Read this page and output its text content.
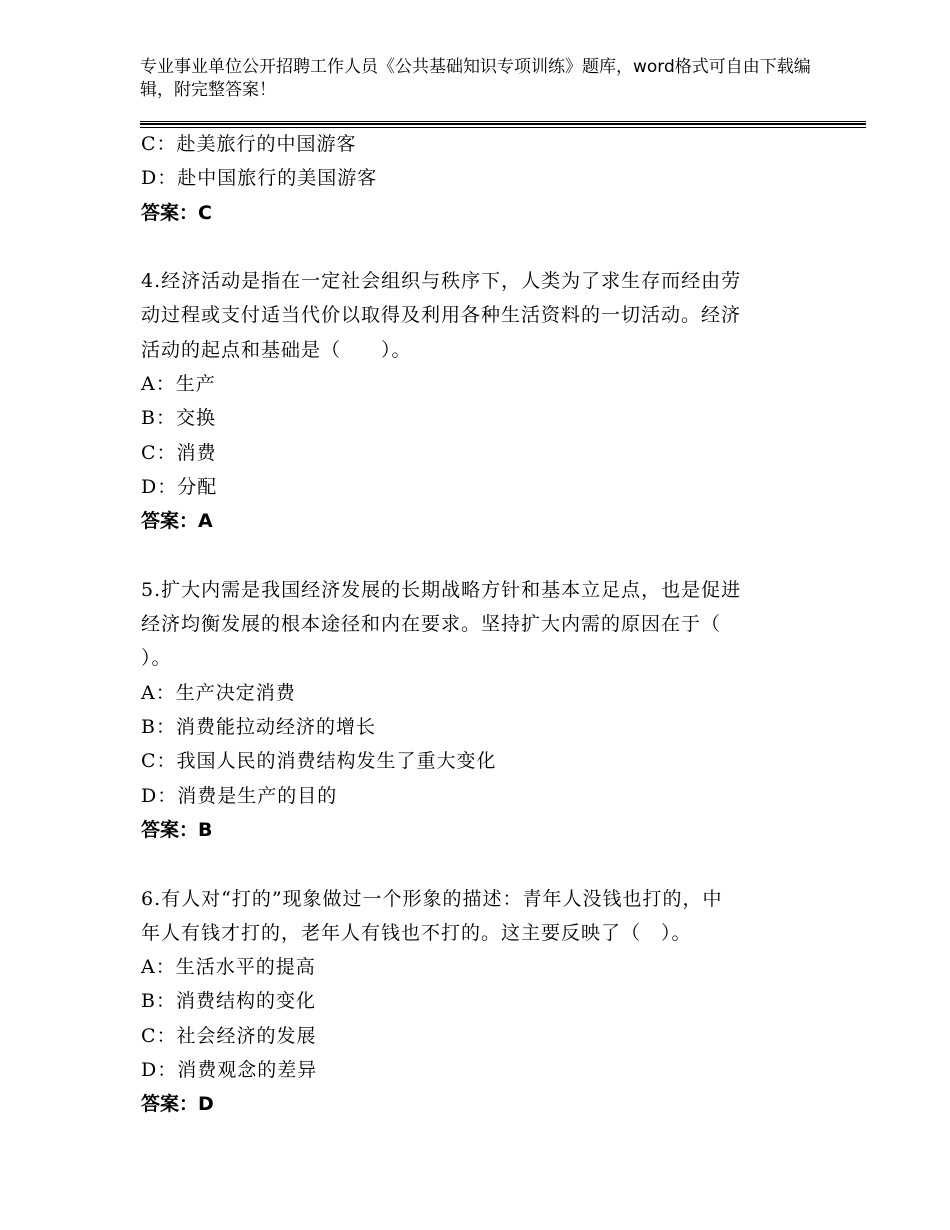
专业事业单位公开招聘工作人员《公共基础知识专项训练》题库，word格式可自由下载编辑，附完整答案！

C：赴美旅行的中国游客

D：赴中国旅行的美国游客

答案：C

4.经济活动是指在一定社会组织与秩序下，人类为了求生存而经由劳

动过程或支付适当代价以取得及利用各种生活资料的一切活动。经济

活动的起点和基础是（　　）。

A：生产

B：交换

C：消费

D：分配

答案：A

5.扩大内需是我国经济发展的长期战略方针和基本立足点，也是促进

经济均衡发展的根本途径和内在要求。坚持扩大内需的原因在于（

）。

A：生产决定消费

B：消费能拉动经济的增长

C：我国人民的消费结构发生了重大变化

D：消费是生产的目的

答案：B

6.有人对“打的”现象做过一个形象的描述：青年人没钱也打的，中

年人有钱才打的，老年人有钱也不打的。这主要反映了（　）。

A：生活水平的提高

B：消费结构的变化

C：社会经济的发展

D：消费观念的差异

答案：D
